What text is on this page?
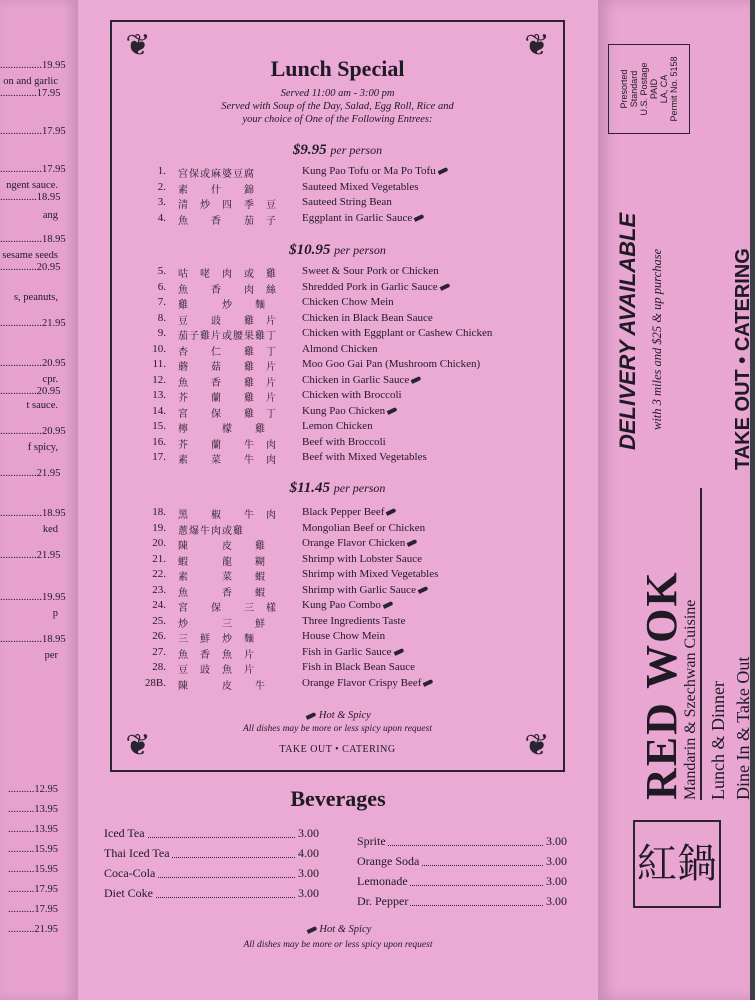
❦	❦
❦	❦
Lunch Special
Served 11:00 am - 3:00 pm
Served with Soup of the Day, Salad, Egg Roll, Rice and
your choice of One of the Following Entrees:
$9.95 per person
1. 宫保或麻婆豆腐	Kung Pao Tofu or Ma Po Tofu
2. 素　　什　　錦	Sauteed Mixed Vegetables
3. 清　炒　四　季　豆	Sauteed String Bean
4. 魚　　香　　茄　子	Eggplant in Garlic Sauce
$10.95 per person
5. 咕　咾　肉　或　雞	Sweet & Sour Pork or Chicken
6. 魚　　香　　肉　絲	Shredded Pork in Garlic Sauce
7. 雞　　　炒　　麵	Chicken Chow Mein
8. 豆　　豉　　雞　片	Chicken in Black Bean Sauce
9. 茄子雞片或腰果雞丁	Chicken with Eggplant or Cashew Chicken
10. 杏　　仁　　雞　丁	Almond Chicken
11. 蘑　　菇　　雞　片	Moo Goo Gai Pan (Mushroom Chicken)
12. 魚　　香　　雞　片	Chicken in Garlic Sauce
13. 芥　　蘭　　雞　片	Chicken with Broccoli
14. 宮　　保　　雞　丁	Kung Pao Chicken
15. 檸　　　檬　　雞	Lemon Chicken
16. 芥　　蘭　　牛　肉	Beef with Broccoli
17. 素　　菜　　牛　肉	Beef with Mixed Vegetables
$11.45 per person
18. 黑　　椒　　牛　肉	Black Pepper Beef
19. 蔥爆牛肉或雞	Mongolian Beef or Chicken
20. 陳　　　皮　　雞	Orange Flavor Chicken
21. 蝦　　　龍　　糊	Shrimp with Lobster Sauce
22. 素　　　菜　　蝦	Shrimp with Mixed Vegetables
23. 魚　　　香　　蝦	Shrimp with Garlic Sauce
24. 宮　　保　　三　樣	Kung Pao Combo
25. 炒　　　三　　鮮	Three Ingredients Taste
26. 三　鮮　炒　麵	House Chow Mein
27. 魚　香　魚　片	Fish in Garlic Sauce
28. 豆　豉　魚　片	Fish in Black Bean Sauce
28B. 陳　　　皮　　牛	Orange Flavor Crispy Beef
Hot & Spicy
All dishes may be more or less spicy upon request
TAKE OUT • CATERING
Beverages
Iced Tea	3.00
Thai Iced Tea	4.00
Coca-Cola	3.00
Diet Coke	3.00
Sprite	3.00
Orange Soda	3.00
Lemonade	3.00
Dr. Pepper	3.00
Hot & Spicy
All dishes may be more or less spicy upon request
................19.95
on and garlic
..............17.95
................17.95
................17.95
ngent sauce.
..............18.95
ang
................18.95
sesame seeds
..............20.95
s, peanuts,
................21.95
................20.95
cpr.
..............20.95
t sauce.
................20.95
f spicy,
..............21.95
................18.95
ked
..............21.95
................19.95
p
................18.95
per
..........12.95
..........13.95
..........13.95
..........15.95
..........15.95
..........17.95
..........17.95
..........21.95
Presorted Standard U.S. Postage PAID LA, CA Permit No. 5158
DELIVERY AVAILABLE with 3 miles and $25 & up purchase	TAKE OUT • CATERING
RED WOK
Mandarin & Szechwan Cuisine Lunch & Dinner Dine In & Take Out
紅鍋
